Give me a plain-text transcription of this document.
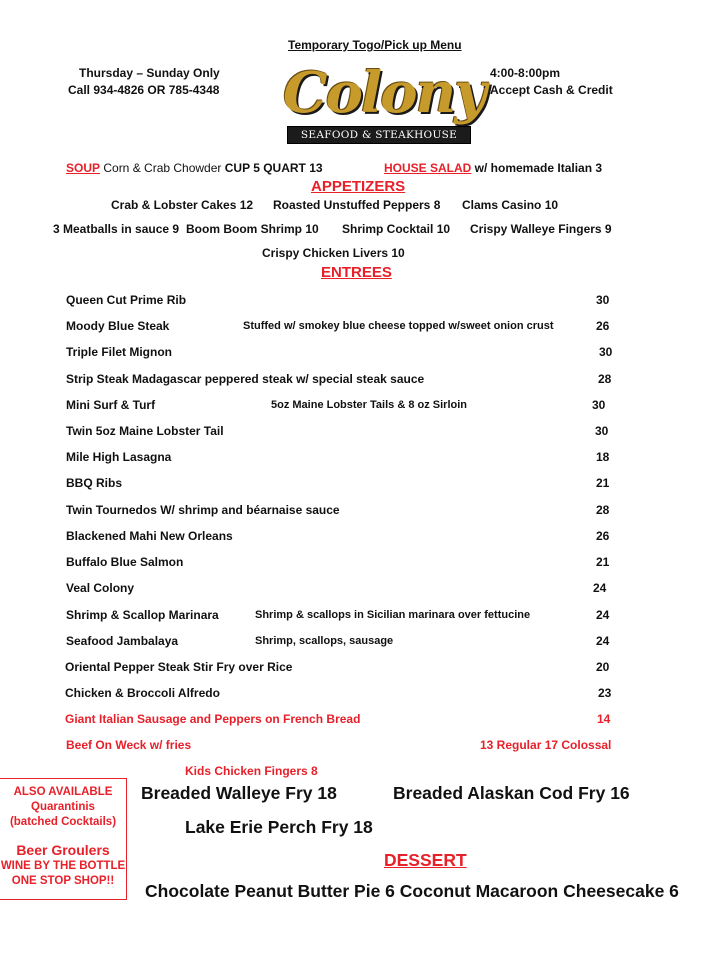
Temporary Togo/Pick up Menu
Thursday – Sunday Only
Call 934-4826 OR 785-4348
4:00-8:00pm
Accept Cash & Credit
Colony
SEAFOOD & STEAKHOUSE
SOUP Corn & Crab Chowder CUP 5 QUART 13	HOUSE SALAD w/ homemade Italian 3
APPETIZERS
Crab & Lobster Cakes 12 Roasted Unstuffed Peppers 8 Clams Casino 10
3 Meatballs in sauce 9 Boom Boom Shrimp 10 Shrimp Cocktail 10 Crispy Walleye Fingers 9
Crispy Chicken Livers 10
ENTREES
Queen Cut Prime Rib	30
Moody Blue Steak	Stuffed w/ smokey blue cheese topped w/sweet onion crust	26
Triple Filet Mignon	30
Strip Steak Madagascar peppered steak w/ special steak sauce	28
Mini Surf & Turf	5oz Maine Lobster Tails & 8 oz Sirloin	30
Twin 5oz Maine Lobster Tail	30
Mile High Lasagna	18
BBQ Ribs	21
Twin Tournedos W/ shrimp and béarnaise sauce	28
Blackened Mahi New Orleans	26
Buffalo Blue Salmon	21
Veal Colony	24
Shrimp & Scallop Marinara	Shrimp & scallops in Sicilian marinara over fettucine	24
Seafood Jambalaya	Shrimp, scallops, sausage	24
Oriental Pepper Steak Stir Fry over Rice	20
Chicken & Broccoli Alfredo	23
Giant Italian Sausage and Peppers on French Bread	14
Beef On Weck w/ fries	13 Regular 17 Colossal
Kids Chicken Fingers 8
Breaded Walleye Fry 18	Breaded Alaskan Cod Fry 16
Lake Erie Perch Fry 18
DESSERT
Chocolate Peanut Butter Pie 6 Coconut Macaroon Cheesecake 6
ALSO AVAILABLE
Quarantinis
(batched Cocktails)
Beer Groulers
WINE BY THE BOTTLE
ONE STOP SHOP!!
